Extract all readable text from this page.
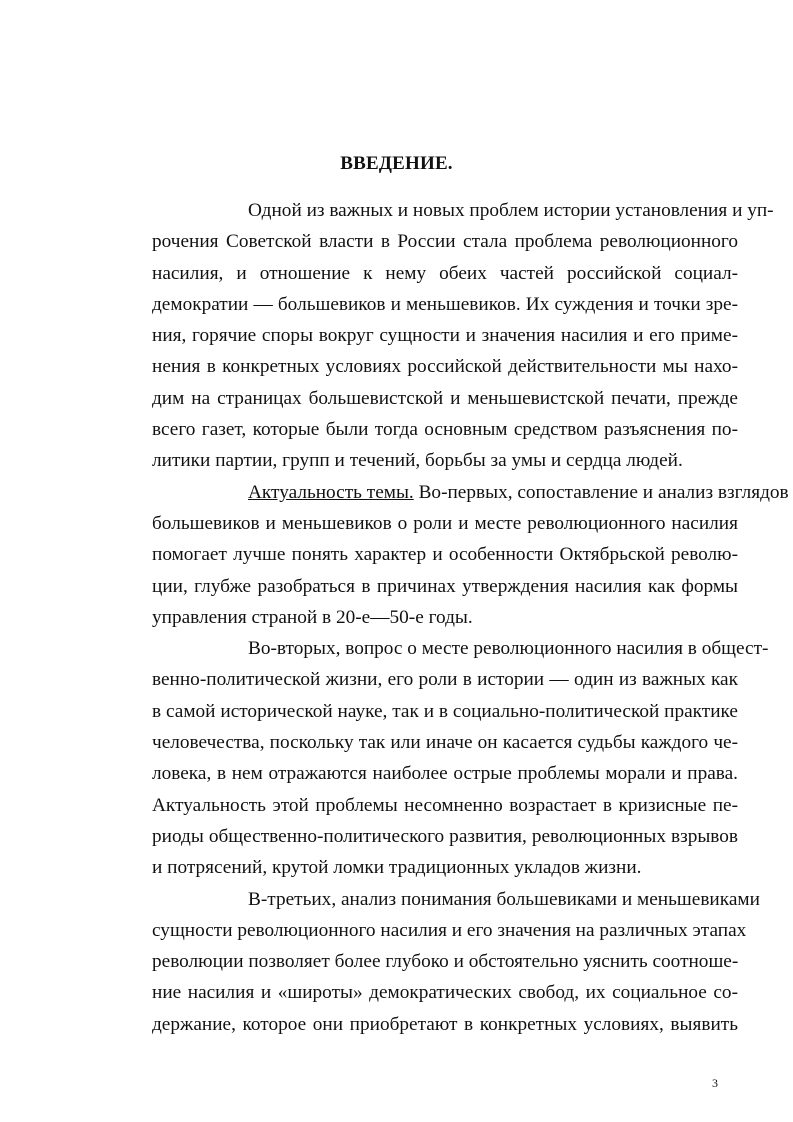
ВВЕДЕНИЕ.

Одной из важных и новых проблем истории установления и уп-
рочения Советской власти в России стала проблема революционного
насилия, и отношение к нему обеих частей российской социал-
демократии — большевиков и меньшевиков. Их суждения и точки зре-
ния, горячие споры вокруг сущности и значения насилия и его приме-
нения в конкретных условиях российской действительности мы нахо-
дим на страницах большевистской и меньшевистской печати, прежде
всего газет, которые были тогда основным средством разъяснения по-
литики партии, групп и течений, борьбы за умы и сердца людей.

Актуальность темы. Во-первых, сопоставление и анализ взглядов
большевиков и меньшевиков о роли и месте революционного насилия
помогает лучше понять характер и особенности Октябрьской револю-
ции, глубже разобраться в причинах утверждения насилия как формы
управления страной в 20-е—50-е годы.

Во-вторых, вопрос о месте революционного насилия в общест-
венно-политической жизни, его роли в истории — один из важных как
в самой исторической науке, так и в социально-политической практике
человечества, поскольку так или иначе он касается судьбы каждого че-
ловека, в нем отражаются наиболее острые проблемы морали и права.
Актуальность этой проблемы несомненно возрастает в кризисные пе-
риоды общественно-политического развития, революционных взрывов
и потрясений, крутой ломки традиционных укладов жизни.

В-третьих, анализ понимания большевиками и меньшевиками
сущности революционного насилия и его значения на различных этапах
революции позволяет более глубоко и обстоятельно уяснить соотноше-
ние насилия и «широты» демократических свобод, их социальное со-
держание, которое они приобретают в конкретных условиях, выявить

3
